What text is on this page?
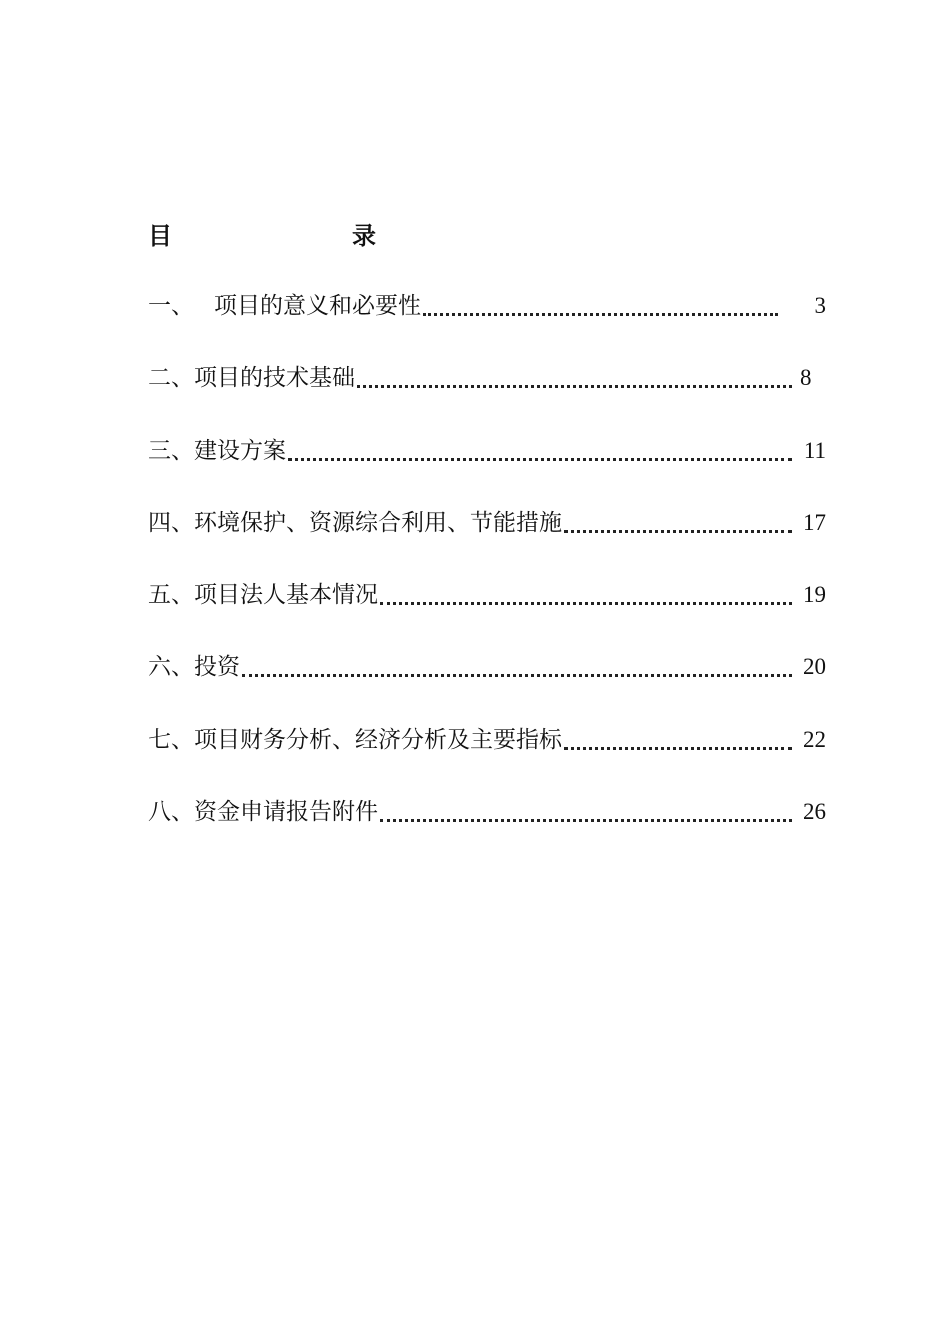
目	录
一、 项目的意义和必要性	3
二、 项目的技术基础	8
三、 建设方案	11
四、 环境保护、资源综合利用、节能措施	17
五、 项目法人基本情况	19
六、 投资	20
七、 项目财务分析、经济分析及主要指标	22
八、 资金申请报告附件	26
